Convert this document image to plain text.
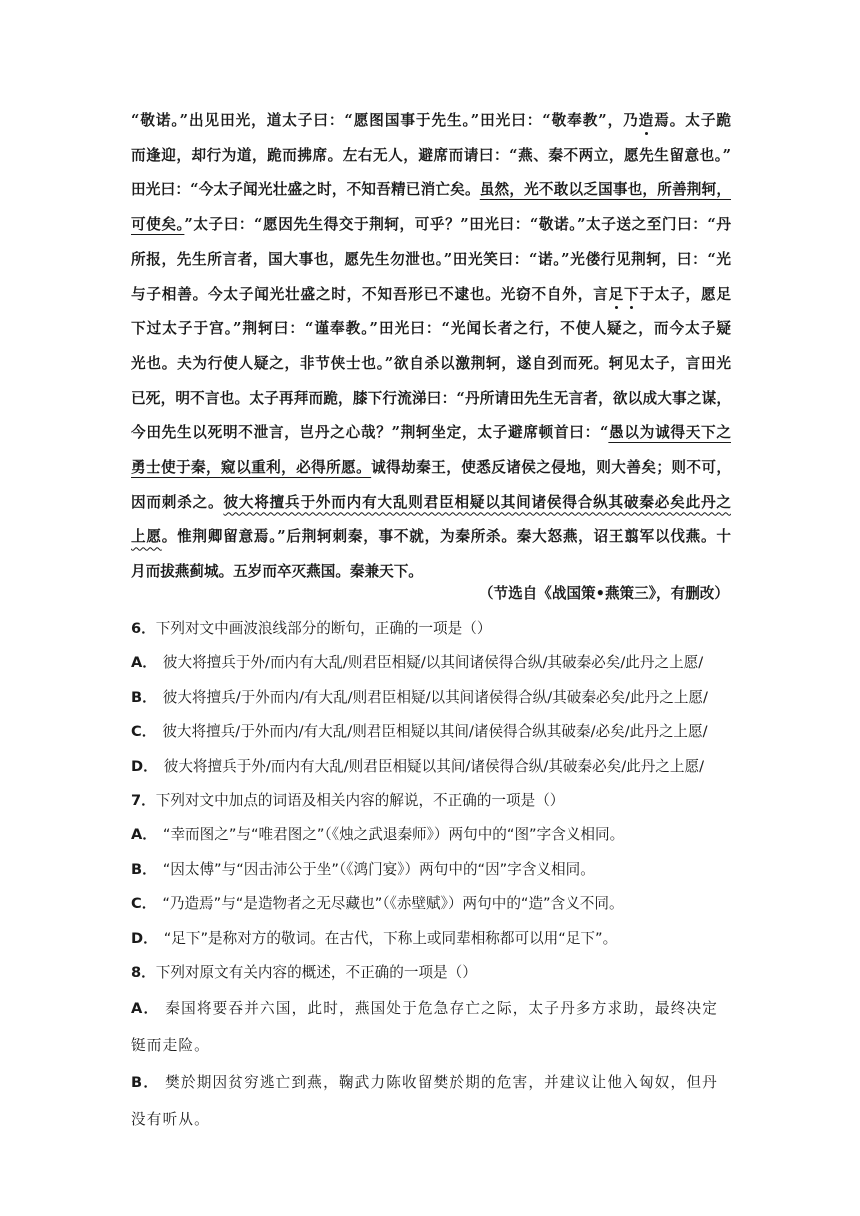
“敬诺。”出见田光，道太子曰：“愿图国事于先生。”田光曰：“敬奉教”，乃造焉。太子跪
而逢迎，却行为道，跪而拂席。左右无人，避席而请曰：“燕、秦不两立，愿先生留意也。”
田光曰：“今太子闻光壮盛之时，不知吾精已消亡矣。虽然，光不敢以乏国事也，所善荆轲，
可使矣。”太子曰：“愿因先生得交于荆轲，可乎？”田光曰：“敬诺。”太子送之至门曰：“丹
所报，先生所言者，国大事也，愿先生勿泄也。”田光笑曰：“诺。”光偻行见荆轲，曰：“光
与子相善。今太子闻光壮盛之时，不知吾形已不逮也。光窃不自外，言足下于太子，愿足
下过太子于宫。”荆轲曰：“谨奉教。”田光曰：“光闻长者之行，不使人疑之，而今太子疑
光也。夫为行使人疑之，非节侠士也。”欲自杀以激荆轲，遂自刭而死。轲见太子，言田光
已死，明不言也。太子再拜而跪，膝下行流涕曰：“丹所请田先生无言者，欲以成大事之谋，
今田先生以死明不泄言，岂丹之心哉？”荆轲坐定，太子避席顿首曰：“愚以为诚得天下之
勇士使于秦，窥以重利，必得所愿。诚得劫秦王，使悉反诸侯之侵地，则大善矣；则不可，
因而刺杀之。彼大将擅兵于外而内有大乱则君臣相疑以其间诸侯得合纵其破秦必矣此丹之
上愿。惟荆卿留意焉。”后荆轲刺秦，事不就，为秦所杀。秦大怒燕，诏王翦军以伐燕。十
月而拔燕蓟城。五岁而卒灭燕国。秦兼天下。
（节选自《战国策•燕策三》，有删改）
6．下列对文中画波浪线部分的断句，正确的一项是（）
A． 彼大将擅兵于外/而内有大乱/则君臣相疑/以其间诸侯得合纵/其破秦必矣/此丹之上愿/
B． 彼大将擅兵/于外而内/有大乱/则君臣相疑/以其间诸侯得合纵/其破秦必矣/此丹之上愿/
C． 彼大将擅兵/于外而内/有大乱/则君臣相疑以其间/诸侯得合纵其破秦/必矣/此丹之上愿/
D． 彼大将擅兵于外/而内有大乱/则君臣相疑以其间/诸侯得合纵/其破秦必矣/此丹之上愿/
7．下列对文中加点的词语及相关内容的解说，不正确的一项是（）
A． “幸而图之”与“唯君图之”（《烛之武退秦师》）两句中的“图”字含义相同。
B． “因太傅”与“因击沛公于坐”（《鸿门宴》）两句中的“因”字含义相同。
C． “乃造焉”与“是造物者之无尽藏也”（《赤壁赋》）两句中的“造”含义不同。
D． “足下”是称对方的敬词。在古代，下称上或同辈相称都可以用“足下”。
8．下列对原文有关内容的概述，不正确的一项是（）
A． 秦国将要吞并六国，此时，燕国处于危急存亡之际，太子丹多方求助，最终决定铤而走险。
B． 樊於期因贫穷逃亡到燕，鞠武力陈收留樊於期的危害，并建议让他入匈奴，但丹没有听从。
